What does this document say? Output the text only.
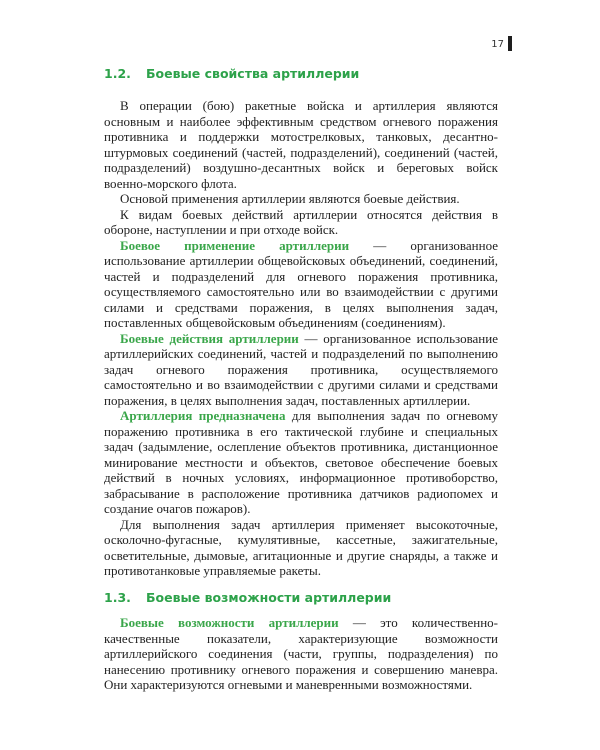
17
1.2. Боевые свойства артиллерии

В операции (бою) ракетные войска и артиллерия являются основным и наиболее эффективным средством огневого поражения противника и поддержки мотострелковых, танковых, десантно-штурмовых соединений (частей, подразделений), соединений (частей, подразделений) воздушно-десантных войск и береговых войск военно-морского флота.

Основой применения артиллерии являются боевые действия.

К видам боевых действий артиллерии относятся действия в обороне, наступлении и при отходе войск.

Боевое применение артиллерии — организованное использование артиллерии общевойсковых объединений, соединений, частей и подразделений для огневого поражения противника, осуществляемого самостоятельно или во взаимодействии с другими силами и средствами поражения, в целях выполнения задач, поставленных общевойсковым объединениям (соединениям).

Боевые действия артиллерии — организованное использование артиллерийских соединений, частей и подразделений по выполнению задач огневого поражения противника, осуществляемого самостоятельно и во взаимодействии с другими силами и средствами поражения, в целях выполнения задач, поставленных артиллерии.

Артиллерия предназначена для выполнения задач по огневому поражению противника в его тактической глубине и специальных задач (задымление, ослепление объектов противника, дистанционное минирование местности и объектов, световое обеспечение боевых действий в ночных условиях, информационное противоборство, забрасывание в расположение противника датчиков радиопомех и создание очагов пожаров).

Для выполнения задач артиллерия применяет высокоточные, осколочно-фугасные, кумулятивные, кассетные, зажигательные, осветительные, дымовые, агитационные и другие снаряды, а также и противотанковые управляемые ракеты.

1.3. Боевые возможности артиллерии

Боевые возможности артиллерии — это количественно-качественные показатели, характеризующие возможности артиллерийского соединения (части, группы, подразделения) по нанесению противнику огневого поражения и совершению маневра. Они характеризуются огневыми и маневренными возможностями.
